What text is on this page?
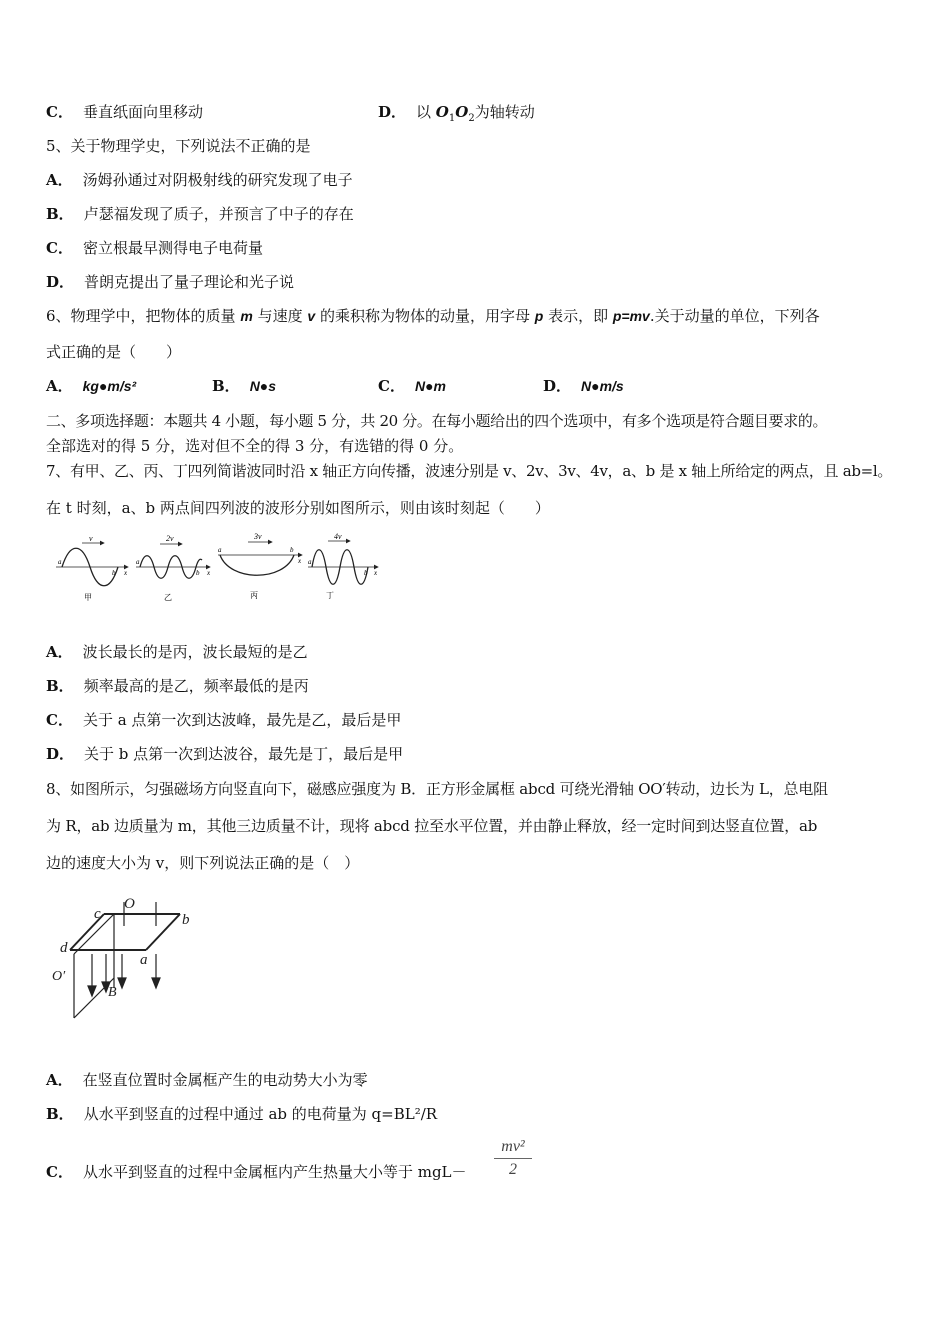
C． 垂直纸面向里移动	D． 以 $O_1O_2$为轴转动
5、关于物理学史，下列说法不正确的是
A． 汤姆孙通过对阴极射线的研究发现了电子
B． 卢瑟福发现了质子，并预言了中子的存在
C． 密立根最早测得电子电荷量
D． 普朗克提出了量子理论和光子说
6、物理学中，把物体的质量 m 与速度 v 的乘积称为物体的动量，用字母 p 表示，即 p=mv.关于动量的单位，下列各
式正确的是（　　）
A． kg●m/s²	B． N●s	C． N●m	D． N●m/s
二、多项选择题：本题共 4 小题，每小题 5 分，共 20 分。在每小题给出的四个选项中，有多个选项是符合题目要求的。
全部选对的得 5 分，选对但不全的得 3 分，有选错的得 0 分。
7、有甲、乙、丙、丁四列简谐波同时沿 x 轴正方向传播，波速分别是 v、2v、3v、4v，a、b 是 x 轴上所给定的两点，且 ab=l。
在 t 时刻，a、b 两点间四列波的波形分别如图所示，则由该时刻起（　　）
v
a
b x
甲
2v
a
b x
乙
3v
a	b
x
丙
4v
a
b x
丁
A． 波长最长的是丙，波长最短的是乙
B． 频率最高的是乙，频率最低的是丙
C． 关于 a 点第一次到达波峰，最先是乙，最后是甲
D． 关于 b 点第一次到达波谷，最先是丁，最后是甲
8、如图所示，匀强磁场方向竖直向下，磁感应强度为 B．正方形金属框 abcd 可绕光滑轴 OO′转动，边长为 L，总电阻
为 R，ab 边质量为 m，其他三边质量不计，现将 abcd 拉至水平位置，并由静止释放，经一定时间到达竖直位置，ab
边的速度大小为 v，则下列说法正确的是（　）
c
O
b
d
O′
a
B
A． 在竖直位置时金属框产生的电动势大小为零
B． 从水平到竖直的过程中通过 ab 的电荷量为 q=BL²/R
C． 从水平到竖直的过程中金属框内产生热量大小等于 $mgL- \frac{\text{mv²}}{2}$
